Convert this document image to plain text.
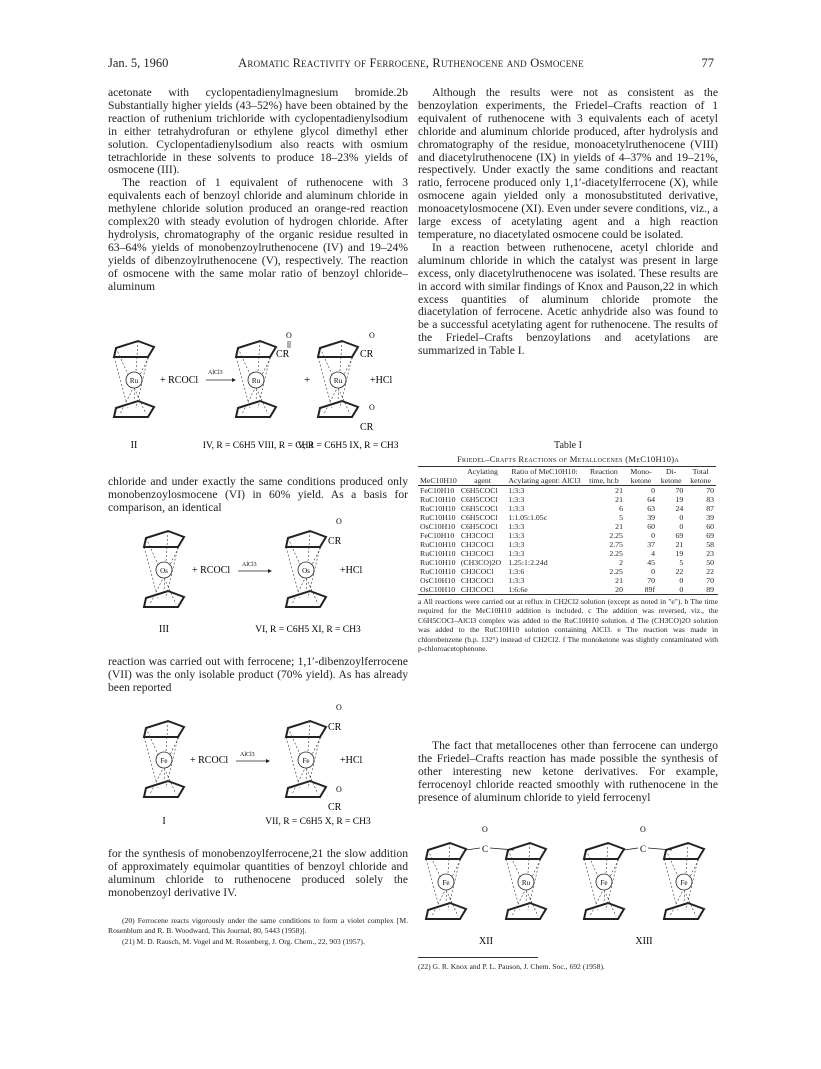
Jan. 5, 1960	Aromatic Reactivity of Ferrocene, Ruthenocene and Osmocene	77

acetonate with cyclopentadienylmagnesium bromide.2b Substantially higher yields (43–52%) have been obtained by the reaction of ruthenium trichloride with cyclopentadienylsodium in either tetrahydrofuran or ethylene glycol dimethyl ether solution. Cyclopentadienylsodium also reacts with osmium tetrachloride in these solvents to produce 18–23% yields of osmocene (III).

The reaction of 1 equivalent of ruthenocene with 3 equivalents each of benzoyl chloride and aluminum chloride in methylene chloride solution produced an orange-red reaction complex20 with steady evolution of hydrogen chloride. After hydrolysis, chromatography of the organic residue resulted in 63–64% yields of monobenzoylruthenocene (IV) and 19–24% yields of dibenzoylruthenocene (V), respectively. The reaction of osmocene with the same molar ratio of benzoyl chloride–aluminum

Ru + RCOCl
AlCl3
Ru
O
CR
+	Ru
O
CR
+HCl
O
CR
II	IV, R = C6H5 VIII, R = CH3
V, R = C6H5 IX, R = CH3

chloride and under exactly the same conditions produced only monobenzoylosmocene (VI) in 60% yield. As a basis for comparison, an identical

Os + RCOCl AlCl3
Os
O
CR
+HCl
III	VI, R = C6H5 XI, R = CH3

reaction was carried out with ferrocene; 1,1′-dibenzoylferrocene (VII) was the only isolable product (70% yield). As has already been reported

Fe + RCOCl AlCl3
Fe
O
CR
+HCl
O
CR
I	VII, R = C6H5 X, R = CH3

for the synthesis of monobenzoylferrocene,21 the slow addition of approximately equimolar quantities of benzoyl chloride and aluminum chloride to ruthenocene produced solely the monobenzoyl derivative IV.

(20) Ferrocene reacts vigorously under the same conditions to form a violet complex [M. Rosenblum and R. B. Woodward, This Journal, 80, 5443 (1958)].

(21) M. D. Rausch, M. Vogel and M. Rosenberg, J. Org. Chem., 22, 903 (1957).

Although the results were not as consistent as the benzoylation experiments, the Friedel–Crafts reaction of 1 equivalent of ruthenocene with 3 equivalents each of acetyl chloride and aluminum chloride produced, after hydrolysis and chromatography of the residue, monoacetylruthenocene (VIII) and diacetylruthenocene (IX) in yields of 4–37% and 19–21%, respectively. Under exactly the same conditions and reactant ratio, ferrocene produced only 1,1′-diacetylferrocene (X), while osmocene again yielded only a monosubstituted derivative, monoacetylosmocene (XI). Even under severe conditions, viz., a large excess of acetylating agent and a high reaction temperature, no diacetylated osmocene could be isolated.

In a reaction between ruthenocene, acetyl chloride and aluminum chloride in which the catalyst was present in large excess, only diacetylruthenocene was isolated. These results are in accord with similar findings of Knox and Pauson,22 in which excess quantities of aluminum chloride promote the diacetylation of ferrocene. Acetic anhydride also was found to be a successful acetylating agent for ruthenocene. The results of the Friedel–Crafts benzoylations and acetylations are summarized in Table I.

Table I
Friedel–Crafts Reactions of Metallocenes (MeC10H10)a
MeC10H10	Acylating agent	Ratio of MeC10H10: Acylating agent: AlCl3	Reaction time, hr.b	Mono-ketone	Di-ketone	Total ketone
FeC10H10	C6H5COCl	1:3:3	21	0	70	70
RuC10H10	C6H5COCl	1:3:3	21	64	19	83
RuC10H10	C6H5COCl	1:3:3	6	63	24	87
RuC10H10	C6H5COCl	1:1.05:1.05c	5	39	0	39
OsC10H10	C6H5COCl	1:3:3	21	60	0	60
FeC10H10	CH3COCl	1:3:3	2.25	0	69	69
RuC10H10	CH3COCl	1:3:3	2.75	37	21	58
RuC10H10	CH3COCl	1:3:3	2.25	4	19	23
RuC10H10	(CH3CO)2O	1.25:1:2.24d	2	45	5	50
RuC10H10	CH3COCl	1:3:6	2.25	0	22	22
OsC10H10	CH3COCl	1:3:3	21	70	0	70
OsC10H10	CH3COCl	1:6:6e	20	89f	0	89
a All reactions were carried out at reflux in CH2Cl2 solution (except as noted in "e"). b The time required for the MeC10H10 addition is included. c The addition was reversed, viz., the C6H5COCl–AlCl3 complex was added to the RuC10H10 solution. d The (CH3CO)2O solution was added to the RuC10H10 solution containing AlCl3. e The reaction was made in chlorobenzene (b.p. 132°) instead of CH2Cl2. f The monoketone was slightly contaminated with p-chloroacetophenone.

The fact that metallocenes other than ferrocene can undergo the Friedel–Crafts reaction has made possible the synthesis of other interesting new ketone derivatives. For example, ferrocenoyl chloride reacted smoothly with ruthenocene in the presence of aluminum chloride to yield ferrocenyl

Fe	Ru
O
C
Fe	Fe
O
C
XII	XIII

(22) G. R. Knox and P. L. Pauson, J. Chem. Soc., 692 (1958).
